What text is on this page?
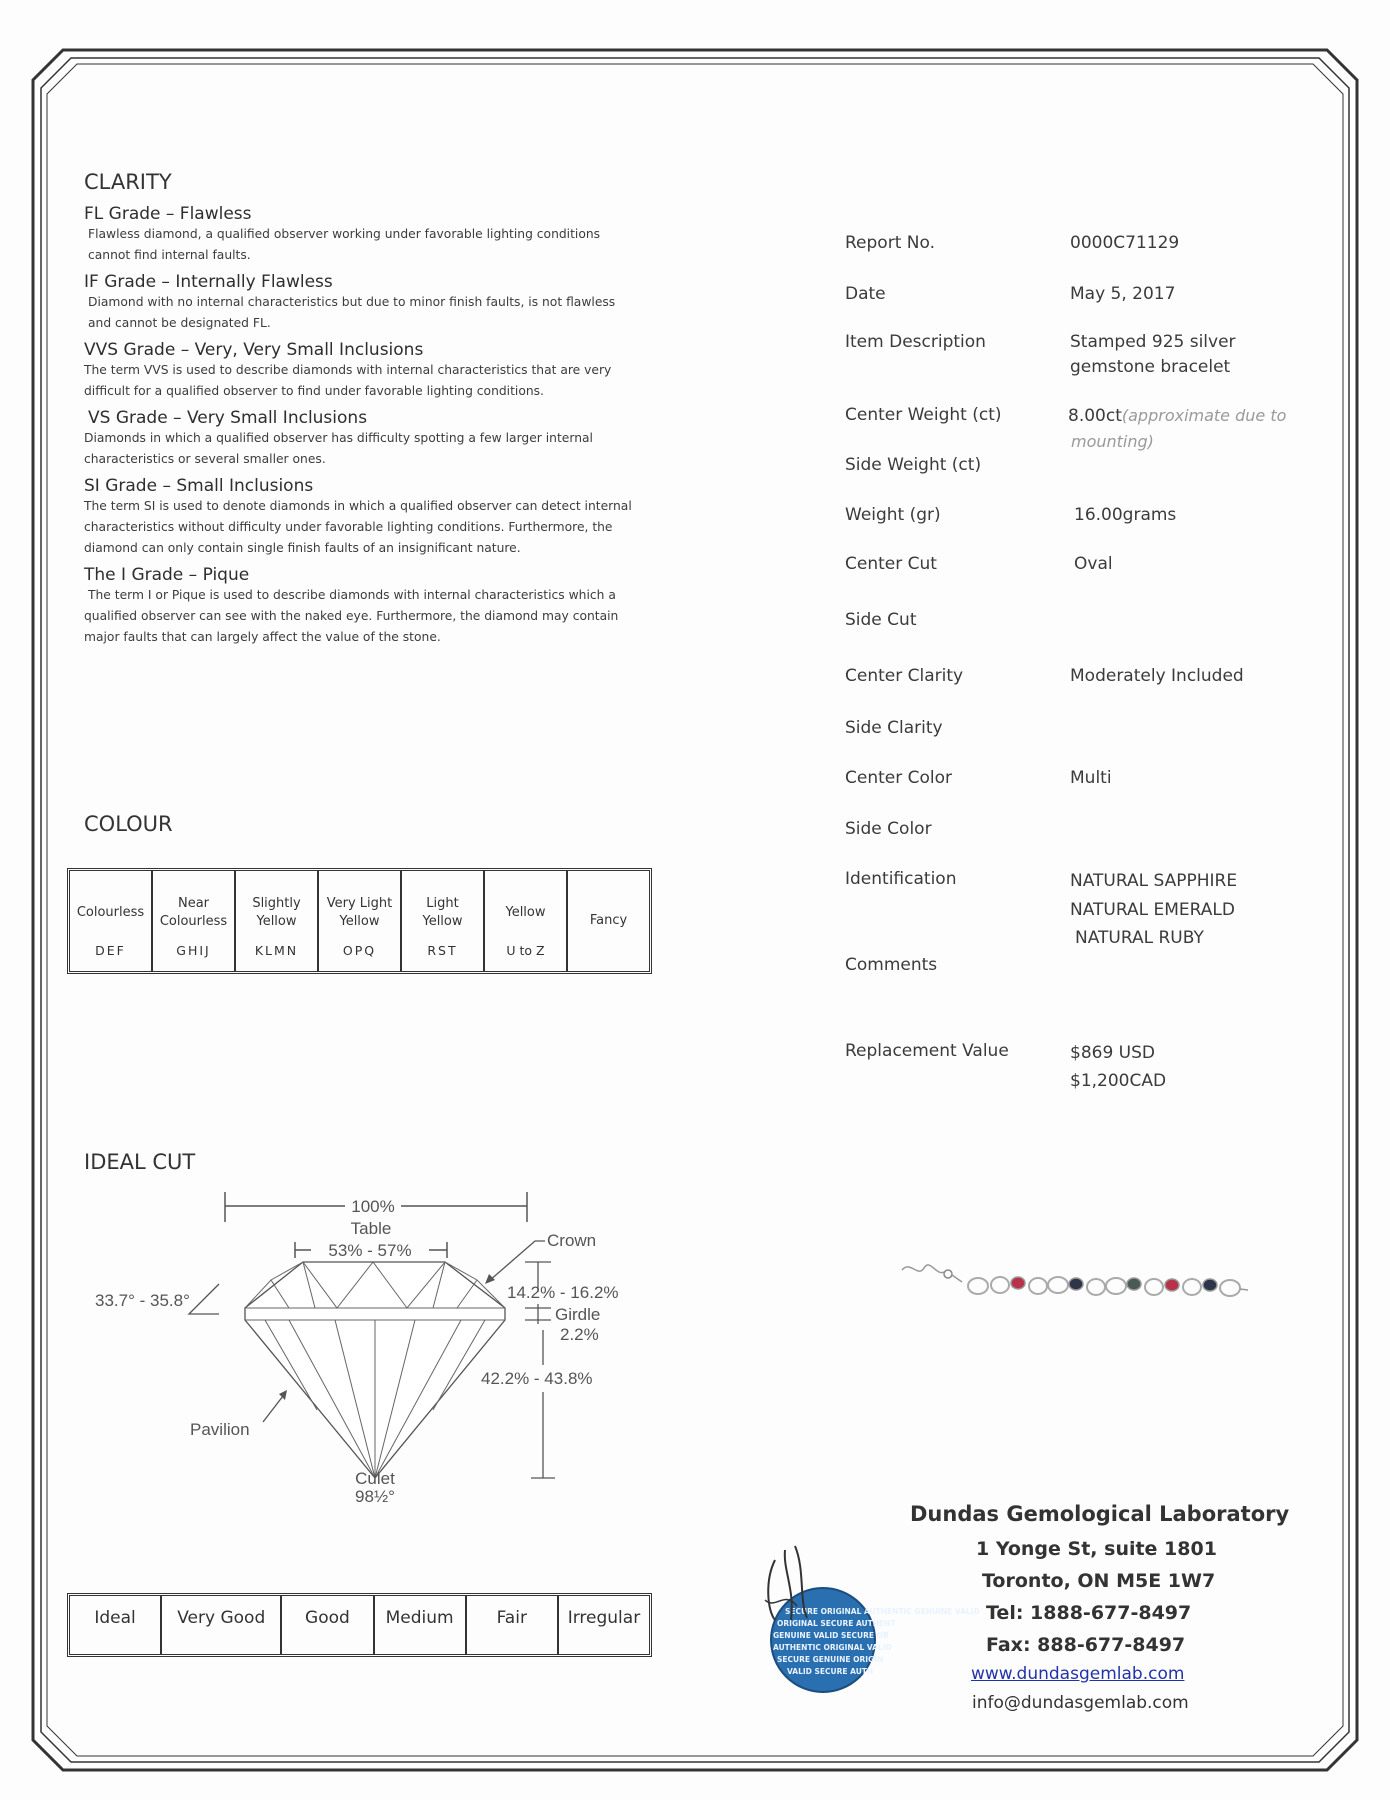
CLARITY
FL Grade – Flawless
Flawless diamond, a qualified observer working under favorable lighting conditions
cannot find internal faults.
IF Grade – Internally Flawless
Diamond with no internal characteristics but due to minor finish faults, is not flawless
and cannot be designated FL.
VVS Grade – Very, Very Small Inclusions
The term VVS is used to describe diamonds with internal characteristics that are very
difficult for a qualified observer to find under favorable lighting conditions.
VS Grade – Very Small Inclusions
Diamonds in which a qualified observer has difficulty spotting a few larger internal
characteristics or several smaller ones.
SI Grade – Small Inclusions
The term SI is used to denote diamonds in which a qualified observer can detect internal
characteristics without difficulty under favorable lighting conditions. Furthermore, the
diamond can only contain single finish faults of an insignificant nature.
The I Grade – Pique
The term I or Pique is used to describe diamonds with internal characteristics which a
qualified observer can see with the naked eye. Furthermore, the diamond may contain
major faults that can largely affect the value of the stone.
COLOUR
Colourless
DEF
Near Colourless
GHIJ
Slightly Yellow
KLMN
Very Light Yellow
OPQ
Light Yellow
RST
Yellow
U to Z
Fancy
IDEAL CUT
100%
Table
53% - 57%
Crown
33.7° - 35.8°	14.2% - 16.2%
Girdle
2.2%
42.2% - 43.8%
Pavilion
Culet
98½°
Ideal	Very Good	Good	Medium	Fair	Irregular
Report No.	0000C71129
Date	May 5, 2017
Item Description	Stamped 925 silver
gemstone bracelet
Center Weight (ct)	8.00ct(approximate due to
mounting)
Side Weight (ct)
Weight (gr)	16.00grams
Center Cut	Oval
Side Cut
Center Clarity	Moderately Included
Side Clarity
Center Color	Multi
Side Color
Identification	NATURAL SAPPHIRE
NATURAL EMERALD
NATURAL RUBY
Comments
Replacement Value	$869 USD
$1,200CAD
SECURE ORIGINAL AUTHENTIC GENUINE VALID
ORIGINAL SECURE AUTHENT
GENUINE VALID SECURE OR
AUTHENTIC ORIGINAL VALID
SECURE GENUINE ORIGIN
VALID SECURE AUTH
Dundas Gemological Laboratory
1 Yonge St, suite 1801
Toronto, ON M5E 1W7
Tel: 1888-677-8497
Fax: 888-677-8497
www.dundasgemlab.com
info@dundasgemlab.com
